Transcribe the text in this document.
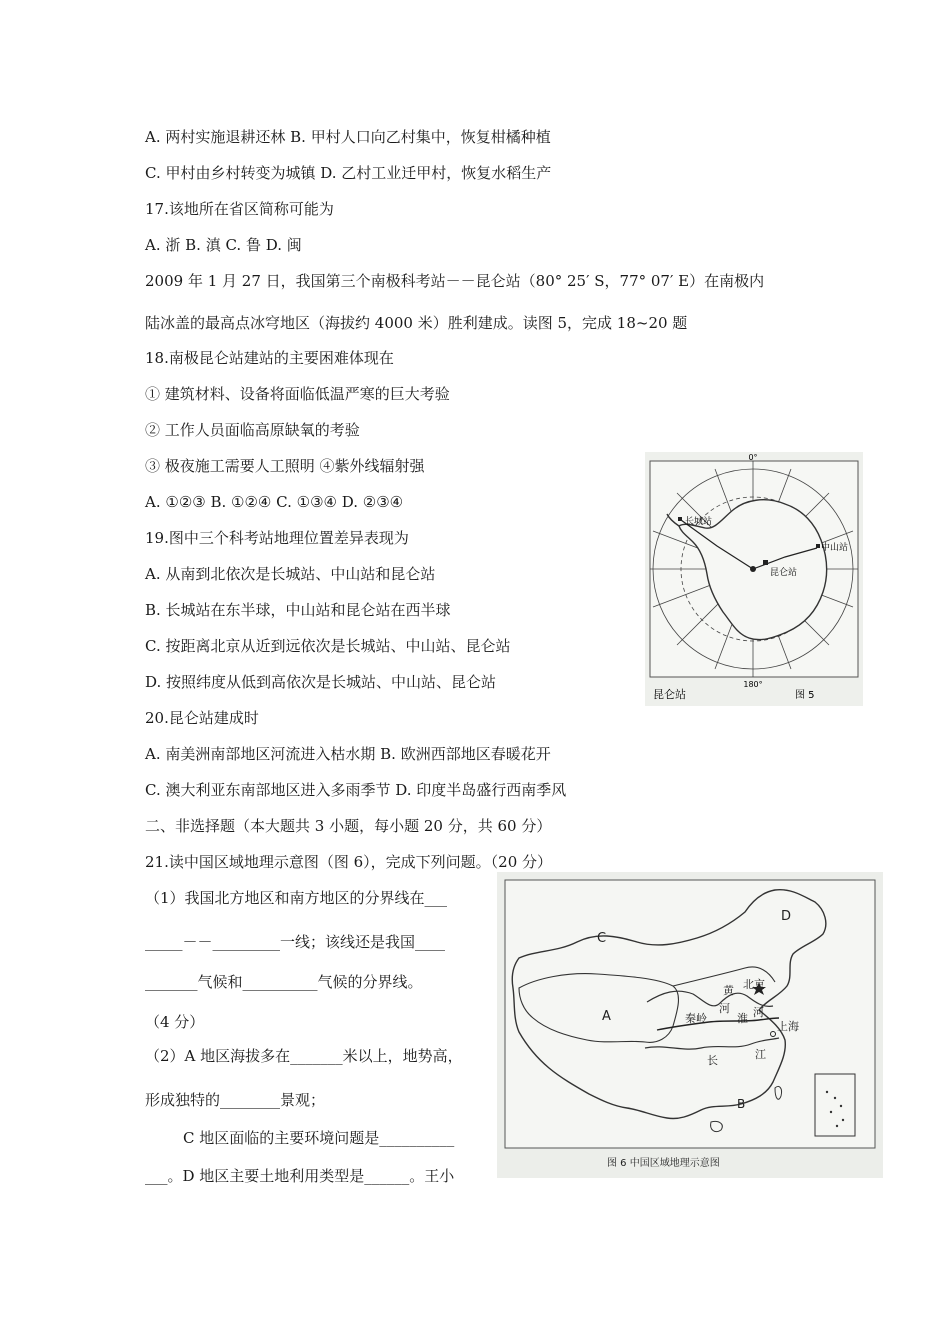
A. 两村实施退耕还林 B. 甲村人口向乙村集中，恢复柑橘种植
C. 甲村由乡村转变为城镇 D. 乙村工业迁甲村，恢复水稻生产
17.该地所在省区简称可能为
A. 浙 B. 滇 C. 鲁 D. 闽
2009 年 1 月 27 日，我国第三个南极科考站－－昆仑站（80° 25′ S，77° 07′ E）在南极内
陆冰盖的最高点冰穹地区（海拔约 4000 米）胜利建成。读图 5，完成 18~20 题
18.南极昆仑站建站的主要困难体现在
① 建筑材料、设备将面临低温严寒的巨大考验
② 工作人员面临高原缺氧的考验
③ 极夜施工需要人工照明 ④紫外线辐射强
A. ①②③ B. ①②④ C. ①③④ D. ②③④
19.图中三个科考站地理位置差异表现为
A. 从南到北依次是长城站、中山站和昆仑站
B. 长城站在东半球，中山站和昆仑站在西半球
C. 按距离北京从近到远依次是长城站、中山站、昆仑站
D. 按照纬度从低到高依次是长城站、中山站、昆仑站
20.昆仑站建成时
A. 南美洲南部地区河流进入枯水期 B. 欧洲西部地区春暖花开
C. 澳大利亚东南部地区进入多雨季节 D. 印度半岛盛行西南季风
二、非选择题（本大题共 3 小题，每小题 20 分，共 60 分）
21.读中国区域地理示意图（图 6），完成下列问题。（20 分）
（1）我国北方地区和南方地区的分界线在___
_____－－_________一线；该线还是我国____
_______气候和__________气候的分界线。
（4 分）
（2）A 地区海拔多在_______米以上，地势高，
形成独特的________景观；
C 地区面临的主要环境问题是__________
___。D 地区主要土地利用类型是______。王小
0°
180°
长城站
中山站
昆仑站
昆仑站	图 5
A
B
C
D
北京
上海
秦岭
黄
河
淮 河
长	江
图 6 中国区域地理示意图
